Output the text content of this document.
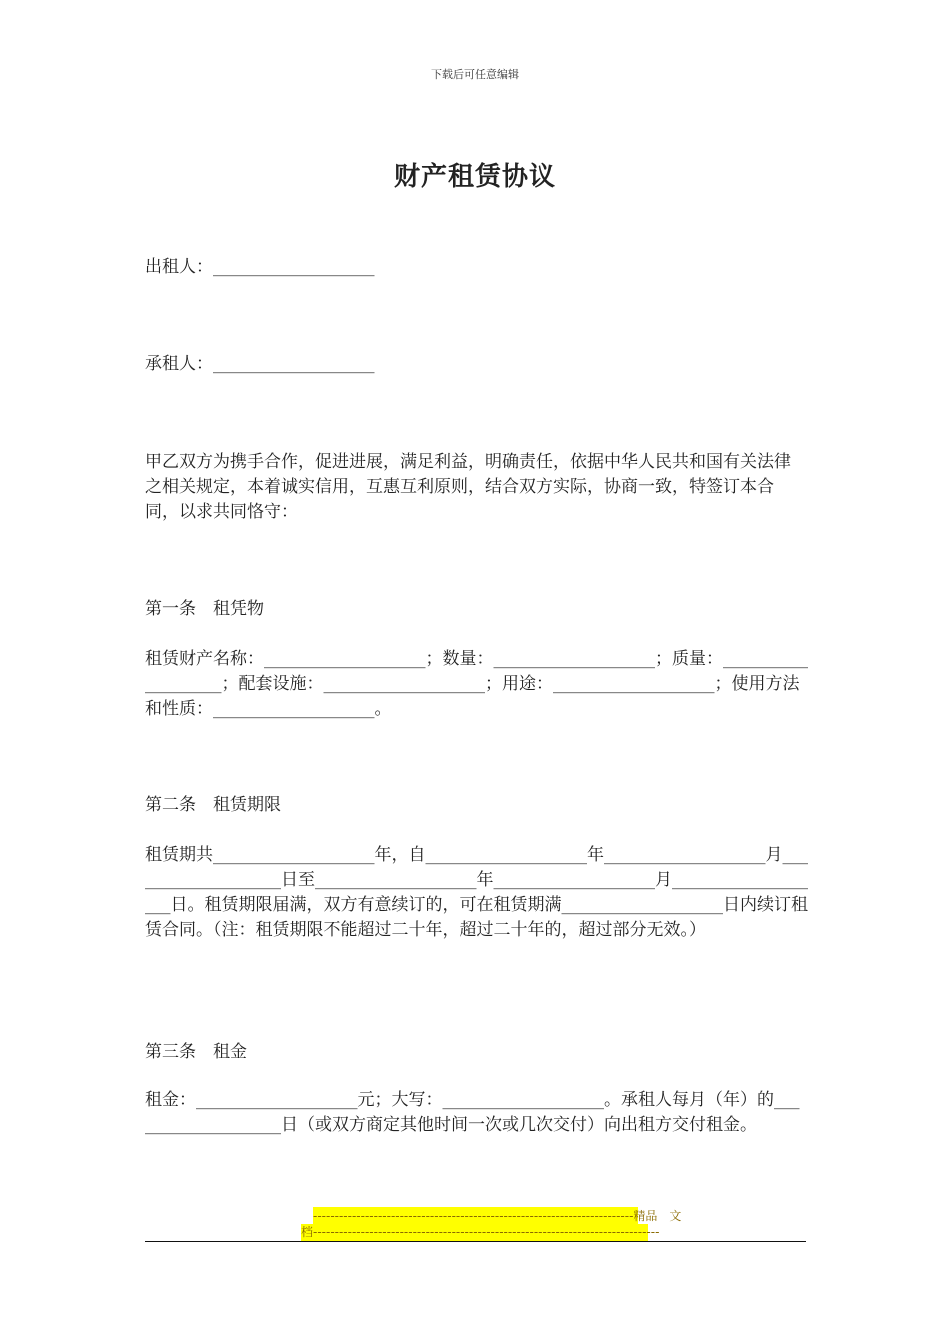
下载后可任意编辑
财产租赁协议
出租人：___________________
承租人：___________________
甲乙双方为携手合作，促进进展，满足利益，明确责任，依据中华人民共和国有关法律之相关规定，本着诚实信用，互惠互利原则，结合双方实际，协商一致，特签订本合同，以求共同恪守：
第一条　租凭物
租赁财产名称：___________________；数量：___________________；质量：___________________；配套设施：___________________；用途：___________________；使用方法和性质：___________________。
第二条　租赁期限
租赁期共___________________年，自___________________年___________________月___________________日至___________________年___________________月___________________日。租赁期限届满，双方有意续订的，可在租赁期满___________________日内续订租赁合同。（注：租赁期限不能超过二十年，超过二十年的，超过部分无效。）
第三条　租金
租金：___________________元；大写：___________________。承租人每月（年）的___________________日（或双方商定其他时间一次或几次交付）向出租方交付租金。
--------------------------------------------------------------------------精品　文
档--------------------------------------------------------------------------------
